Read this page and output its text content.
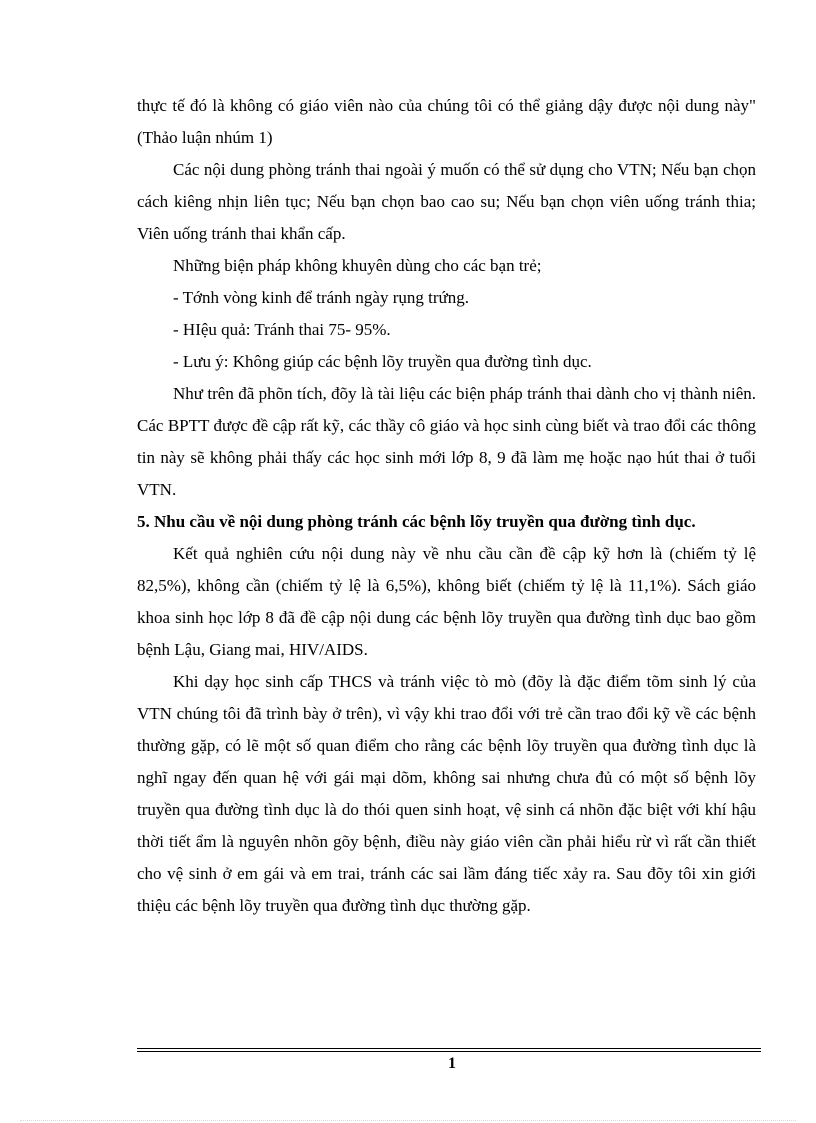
thực tế đó là không có giáo viên nào của chúng tôi có thể giảng dậy được nội dung này" (Thảo luận nhúm 1)

Các nội dung phòng tránh thai ngoài ý muốn có thể sử dụng cho VTN; Nếu bạn chọn cách kiêng nhịn liên tục; Nếu bạn chọn bao cao su; Nếu bạn chọn viên uống tránh thia; Viên uống tránh thai khẩn cấp.

Những biện pháp không khuyên dùng cho các bạn trẻ;

- Tớnh vòng kinh để tránh ngày rụng trứng.

- HIệu quả: Tránh thai 75- 95%.

- Lưu ý: Không giúp các bệnh lõy truyền qua đường tình dục.

Như trên đã phõn tích, đõy là tài liệu các biện pháp tránh thai dành cho vị thành niên. Các BPTT được đề cập rất kỹ, các thầy cô giáo và học sinh cùng biết và trao đổi các thông tin này sẽ không phải thấy các học sinh mới lớp 8, 9 đã làm mẹ hoặc nạo hút thai ở tuổi VTN.

5. Nhu cầu về nội dung phòng tránh các bệnh lõy truyền qua đường tình dục.

Kết quả nghiên cứu nội dung này về nhu cầu cần đề cập kỹ hơn là (chiếm tỷ lệ 82,5%), không cần (chiếm tỷ lệ là 6,5%), không biết (chiếm tỷ lệ là 11,1%). Sách giáo khoa sinh học lớp 8 đã đề cập nội dung các bệnh lõy truyền qua đường tình dục bao gồm bệnh Lậu, Giang mai, HIV/AIDS.

Khi dạy học sinh cấp THCS và tránh việc tò mò (đõy là đặc điểm tõm sinh lý của VTN chúng tôi đã trình bày ở trên), vì vậy khi trao đổi với trẻ cần trao đổi kỹ về các bệnh thường gặp, có lẽ một số quan điểm cho rằng các bệnh lõy truyền qua đường tình dục là nghĩ ngay đến quan hệ với gái mại dõm, không sai nhưng chưa đủ có một số bệnh lõy truyền qua đường tình dục là do thói quen sinh hoạt, vệ sinh cá nhõn đặc biệt với khí hậu thời tiết ẩm là nguyên nhõn gõy bệnh, điều này giáo viên cần phải hiểu rừ vì rất cần thiết cho vệ sinh ở em gái và em trai, tránh các sai lầm đáng tiếc xảy ra. Sau đõy tôi xin giới thiệu các bệnh lõy truyền qua đường tình dục thường gặp.

1
